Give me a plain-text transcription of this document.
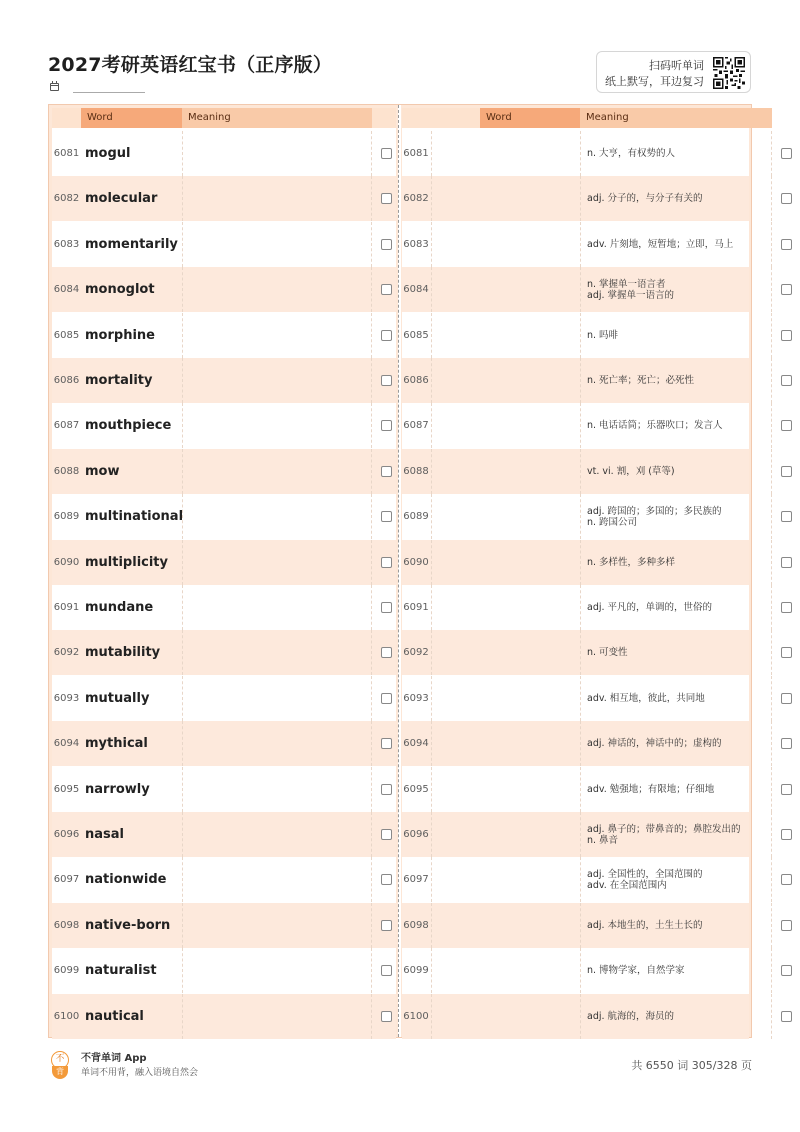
2027考研英语红宝书（正序版）	扫码听单词
纸上默写，耳边复习
Word	Meaning
6081 mogul
6082 molecular
6083 momentarily
6084 monoglot
6085 morphine
6086 mortality
6087 mouthpiece
6088 mow
6089 multinational
6090 multiplicity
6091 mundane
6092 mutability
6093 mutually
6094 mythical
6095 narrowly
6096 nasal
6097 nationwide
6098 native-born
6099 naturalist
6100 nautical
Word	Meaning
6081	n. 大亨，有权势的人
6082	adj. 分子的，与分子有关的
6083	adv. 片刻地，短暂地；立即，马上
6084	n. 掌握单一语言者
adj. 掌握单一语言的
6085	n. 吗啡
6086	n. 死亡率；死亡；必死性
6087	n. 电话话筒；乐器吹口；发言人
6088	vt. vi. 割，刈 (草等)
6089	adj. 跨国的；多国的；多民族的
n. 跨国公司
6090	n. 多样性，多种多样
6091	adj. 平凡的，单调的，世俗的
6092	n. 可变性
6093	adv. 相互地，彼此，共同地
6094	adj. 神话的，神话中的；虚构的
6095	adv. 勉强地；有限地；仔细地
6096	adj. 鼻子的；带鼻音的；鼻腔发出的
n. 鼻音
6097	adj. 全国性的，全国范围的
adv. 在全国范围内
6098	adj. 本地生的，土生土长的
6099	n. 博物学家，自然学家
6100	adj. 航海的，海员的
不
背
不背单词 App
单词不用背，融入语境自然会
共 6550 词 305/328 页
